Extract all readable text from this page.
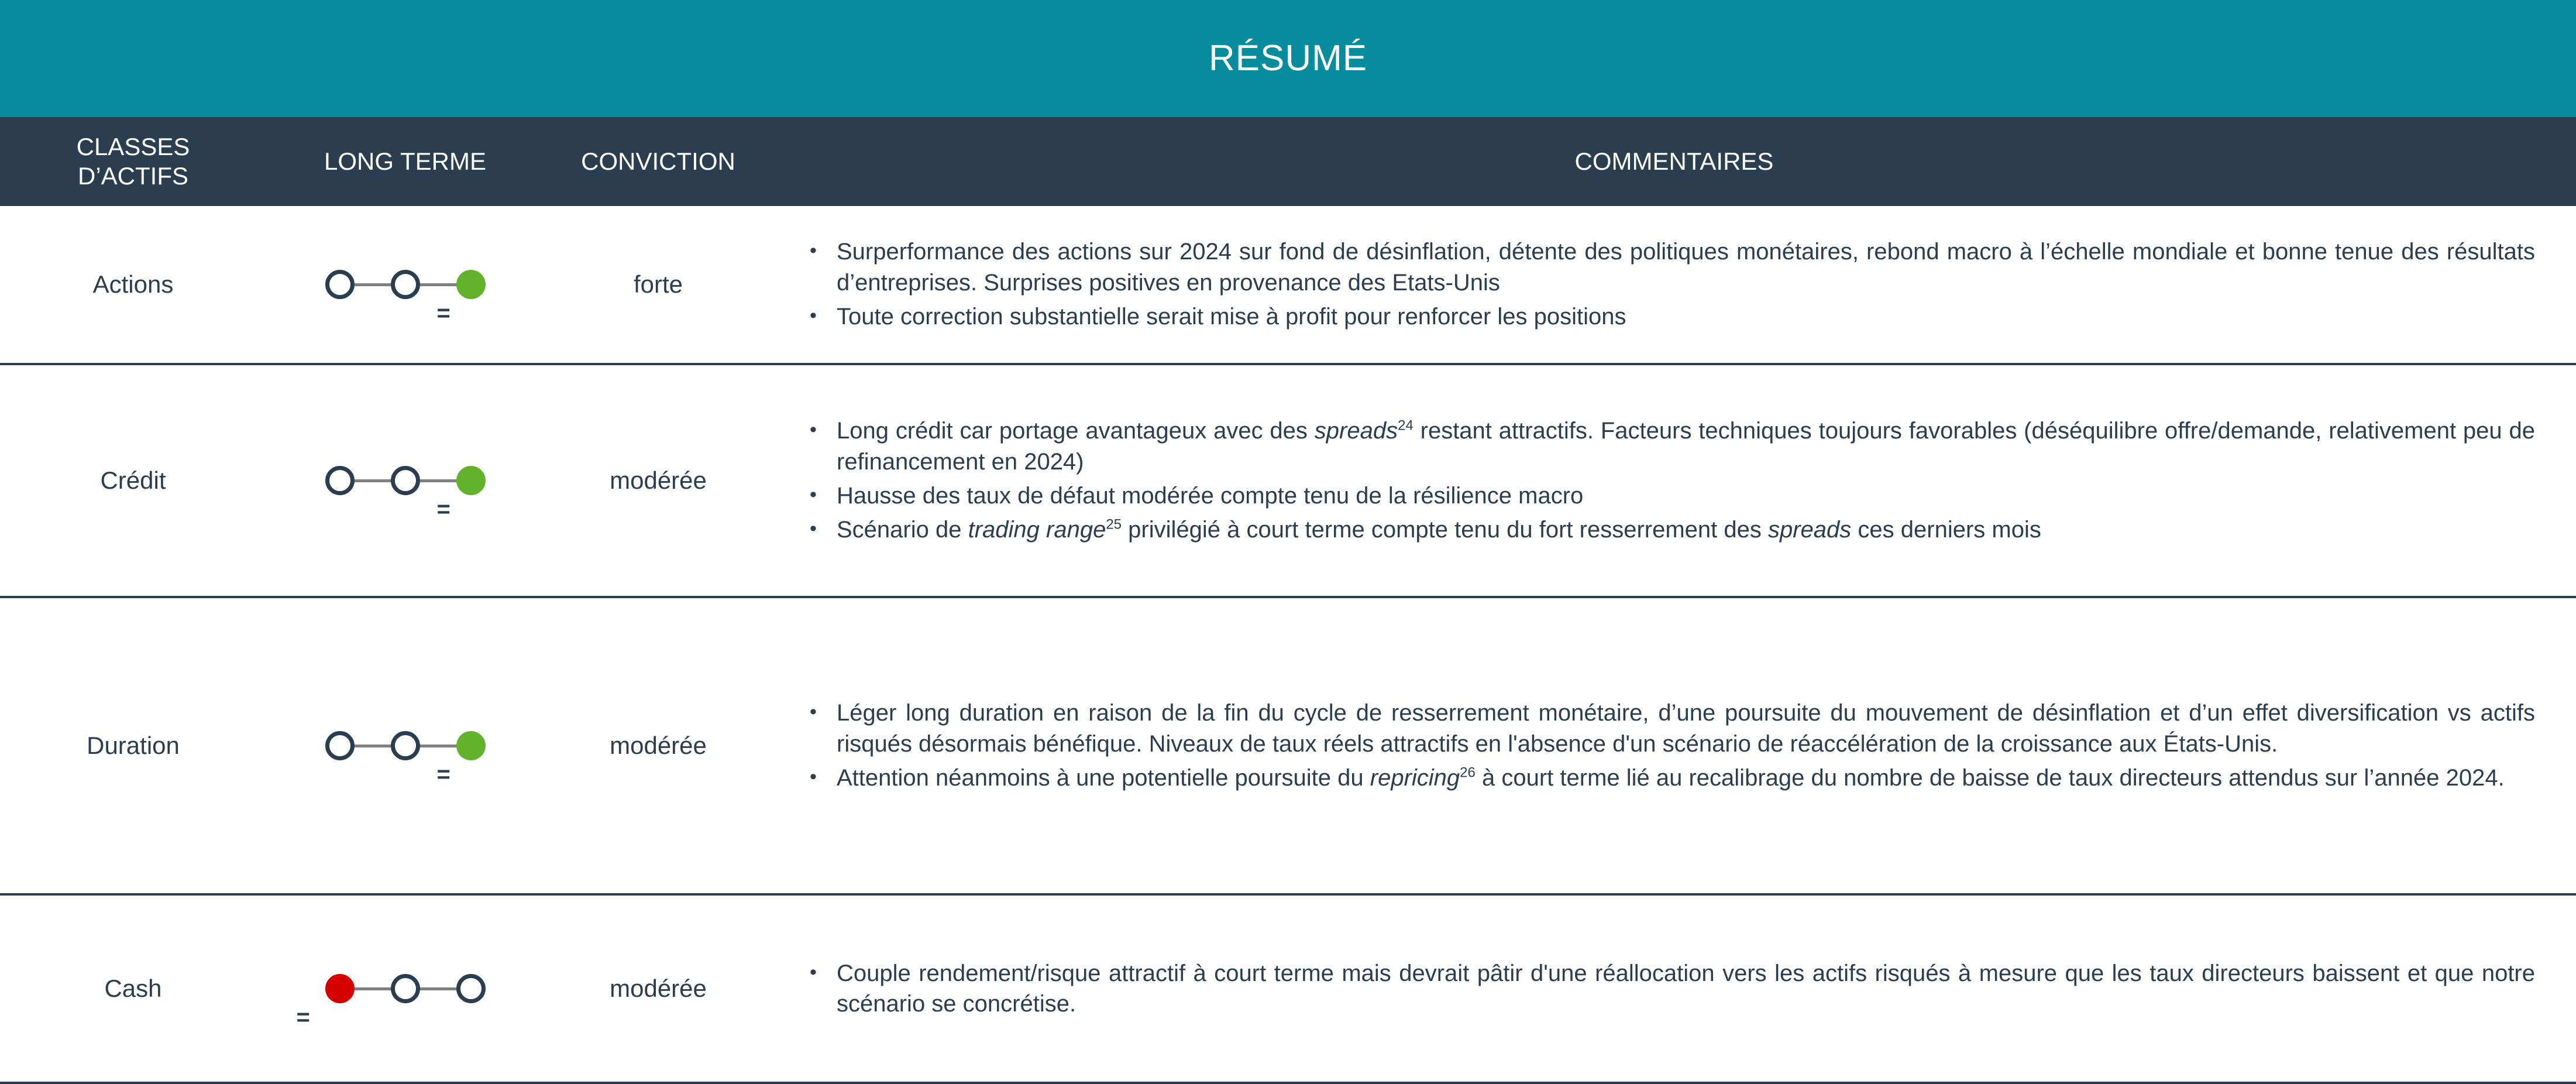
RÉSUMÉ
CLASSES
D’ACTIFS
LONG TERME	CONVICTION	COMMENTAIRES
Actions
=
forte
• Surperformance des actions sur 2024 sur fond de désinflation, détente des politiques monétaires, rebond macro à l’échelle mondiale et bonne tenue des résultats d’entreprises. Surprises positives en provenance des Etats-Unis
• Toute correction substantielle serait mise à profit pour renforcer les positions
Crédit
=
modérée
• Long crédit car portage avantageux avec des spreads$^{24}$ restant attractifs. Facteurs techniques toujours favorables (déséquilibre offre/demande, relativement peu de refinancement en 2024)
• Hausse des taux de défaut modérée compte tenu de la résilience macro
• Scénario de trading range$^{25}$ privilégié à court terme compte tenu du fort resserrement des spreads ces derniers mois
Duration
=
modérée
• Léger long duration en raison de la fin du cycle de resserrement monétaire, d’une poursuite du mouvement de désinflation et d’un effet diversification vs actifs risqués désormais bénéfique. Niveaux de taux réels attractifs en l'absence d'un scénario de réaccélération de la croissance aux États-Unis.
• Attention néanmoins à une potentielle poursuite du repricing$^{26}$ à court terme lié au recalibrage du nombre de baisse de taux directeurs attendus sur l’année 2024.
Cash
=
modérée
• Couple rendement/risque attractif à court terme mais devrait pâtir d'une réallocation vers les actifs risqués à mesure que les taux directeurs baissent et que notre scénario se concrétise.
